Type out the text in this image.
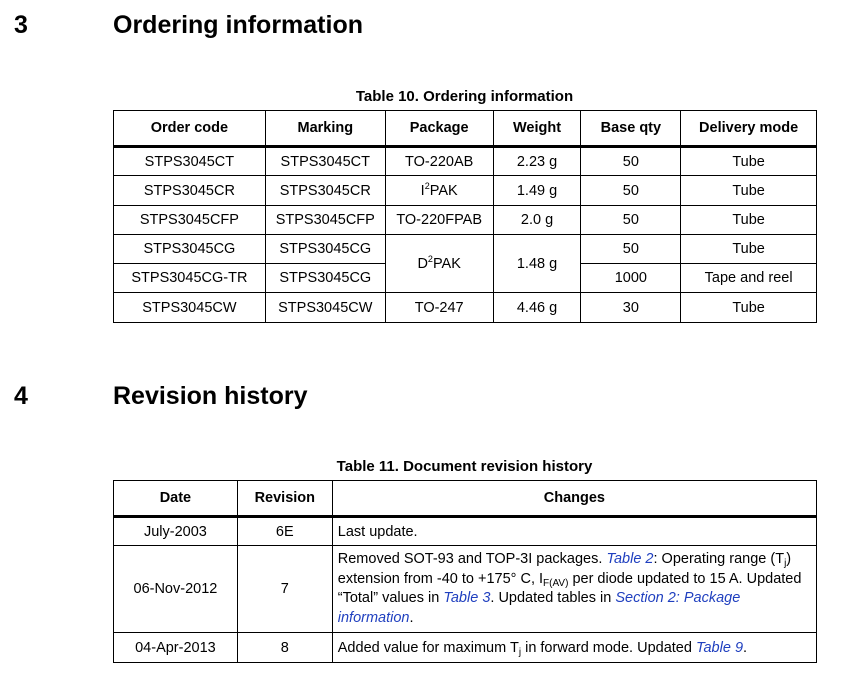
3	Ordering information
Table 10. Ordering information
Order code	Marking	Package	Weight	Base qty	Delivery mode
STPS3045CT	STPS3045CT	TO-220AB	2.23 g	50	Tube
STPS3045CR	STPS3045CR	$I^2PAK$	1.49 g	50	Tube
STPS3045CFP	STPS3045CFP	TO-220FPAB	2.0 g	50	Tube
STPS3045CG	STPS3045CG	$D^2PAK$	1.48 g	50	Tube
STPS3045CG-TR	STPS3045CG			1000	Tape and reel
STPS3045CW	STPS3045CW	TO-247	4.46 g	30	Tube
4	Revision history
Table 11. Document revision history
Date	Revision	Changes
July-2003	6E	Last update.
06-Nov-2012	7	Removed SOT-93 and TOP-3I packages. Table 2: Operating range $(T_j)$ extension from -40 to +175° C, $I_{F(AV)}$ per diode updated to 15 A. Updated “Total” values in Table 3. Updated tables in Section 2: Package information.
04-Apr-2013	8	Added value for maximum $T_j$ in forward mode. Updated Table 9.
